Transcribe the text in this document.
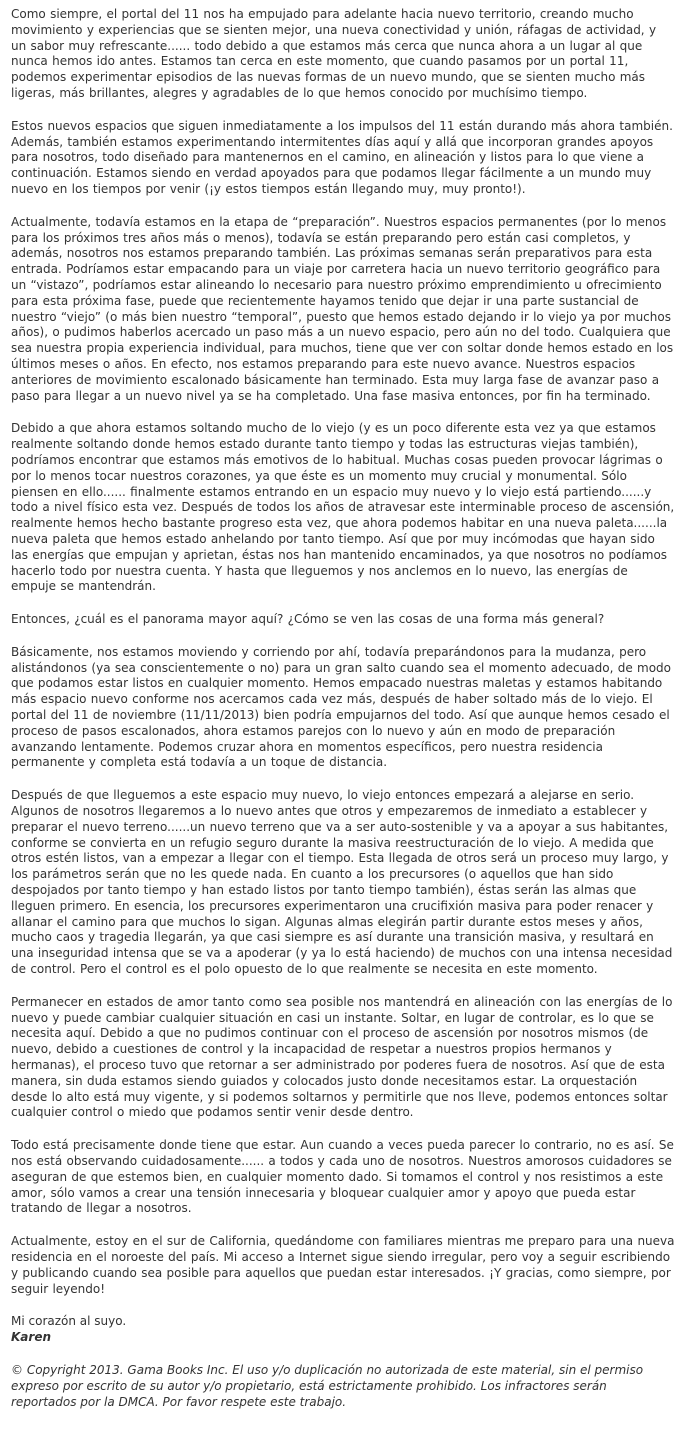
Como siempre, el portal del 11 nos ha empujado para adelante hacia nuevo territorio, creando mucho movimiento y experiencias que se sienten mejor, una nueva conectividad y unión, ráfagas de actividad, y un sabor muy refrescante...... todo debido a que estamos más cerca que nunca ahora a un lugar al que nunca hemos ido antes. Estamos tan cerca en este momento, que cuando pasamos por un portal 11, podemos experimentar episodios de las nuevas formas de un nuevo mundo, que se sienten mucho más ligeras, más brillantes, alegres y agradables de lo que hemos conocido por muchísimo tiempo.

Estos nuevos espacios que siguen inmediatamente a los impulsos del 11 están durando más ahora también. Además, también estamos experimentando intermitentes días aquí y allá que incorporan grandes apoyos para nosotros, todo diseñado para mantenernos en el camino, en alineación y listos para lo que viene a continuación. Estamos siendo en verdad apoyados para que podamos llegar fácilmente a un mundo muy nuevo en los tiempos por venir (¡y estos tiempos están llegando muy, muy pronto!).

Actualmente, todavía estamos en la etapa de “preparación”. Nuestros espacios permanentes (por lo menos para los próximos tres años más o menos), todavía se están preparando pero están casi completos, y además, nosotros nos estamos preparando también. Las próximas semanas serán preparativos para esta entrada. Podríamos estar empacando para un viaje por carretera hacia un nuevo territorio geográfico para un “vistazo”, podríamos estar alineando lo necesario para nuestro próximo emprendimiento u ofrecimiento para esta próxima fase, puede que recientemente hayamos tenido que dejar ir una parte sustancial de nuestro “viejo” (o más bien nuestro “temporal”, puesto que hemos estado dejando ir lo viejo ya por muchos años), o pudimos haberlos acercado un paso más a un nuevo espacio, pero aún no del todo. Cualquiera que sea nuestra propia experiencia individual, para muchos, tiene que ver con soltar donde hemos estado en los últimos meses o años. En efecto, nos estamos preparando para este nuevo avance. Nuestros espacios anteriores de movimiento escalonado básicamente han terminado. Esta muy larga fase de avanzar paso a paso para llegar a un nuevo nivel ya se ha completado. Una fase masiva entonces, por fin ha terminado.

Debido a que ahora estamos soltando mucho de lo viejo (y es un poco diferente esta vez ya que estamos realmente soltando donde hemos estado durante tanto tiempo y todas las estructuras viejas también), podríamos encontrar que estamos más emotivos de lo habitual. Muchas cosas pueden provocar lágrimas o por lo menos tocar nuestros corazones, ya que éste es un momento muy crucial y monumental. Sólo piensen en ello...... finalmente estamos entrando en un espacio muy nuevo y lo viejo está partiendo......y todo a nivel físico esta vez. Después de todos los años de atravesar este interminable proceso de ascensión, realmente hemos hecho bastante progreso esta vez, que ahora podemos habitar en una nueva paleta......la nueva paleta que hemos estado anhelando por tanto tiempo. Así que por muy incómodas que hayan sido las energías que empujan y aprietan, éstas nos han mantenido encaminados, ya que nosotros no podíamos hacerlo todo por nuestra cuenta. Y hasta que lleguemos y nos anclemos en lo nuevo, las energías de empuje se mantendrán.

Entonces, ¿cuál es el panorama mayor aquí? ¿Cómo se ven las cosas de una forma más general?

Básicamente, nos estamos moviendo y corriendo por ahí, todavía preparándonos para la mudanza, pero alistándonos (ya sea conscientemente o no) para un gran salto cuando sea el momento adecuado, de modo que podamos estar listos en cualquier momento. Hemos empacado nuestras maletas y estamos habitando más espacio nuevo conforme nos acercamos cada vez más, después de haber soltado más de lo viejo. El portal del 11 de noviembre (11/11/2013) bien podría empujarnos del todo. Así que aunque hemos cesado el proceso de pasos escalonados, ahora estamos parejos con lo nuevo y aún en modo de preparación avanzando lentamente. Podemos cruzar ahora en momentos específicos, pero nuestra residencia permanente y completa está todavía a un toque de distancia.

Después de que lleguemos a este espacio muy nuevo, lo viejo entonces empezará a alejarse en serio. Algunos de nosotros llegaremos a lo nuevo antes que otros y empezaremos de inmediato a establecer y preparar el nuevo terreno......un nuevo terreno que va a ser auto-sostenible y va a apoyar a sus habitantes, conforme se convierta en un refugio seguro durante la masiva reestructuración de lo viejo. A medida que otros estén listos, van a empezar a llegar con el tiempo. Esta llegada de otros será un proceso muy largo, y los parámetros serán que no les quede nada. En cuanto a los precursores (o aquellos que han sido despojados por tanto tiempo y han estado listos por tanto tiempo también), éstas serán las almas que lleguen primero. En esencia, los precursores experimentaron una crucifixión masiva para poder renacer y allanar el camino para que muchos lo sigan. Algunas almas elegirán partir durante estos meses y años, mucho caos y tragedia llegarán, ya que casi siempre es así durante una transición masiva, y resultará en una inseguridad intensa que se va a apoderar (y ya lo está haciendo) de muchos con una intensa necesidad de control. Pero el control es el polo opuesto de lo que realmente se necesita en este momento.

Permanecer en estados de amor tanto como sea posible nos mantendrá en alineación con las energías de lo nuevo y puede cambiar cualquier situación en casi un instante. Soltar, en lugar de controlar, es lo que se necesita aquí. Debido a que no pudimos continuar con el proceso de ascensión por nosotros mismos (de nuevo, debido a cuestiones de control y la incapacidad de respetar a nuestros propios hermanos y hermanas), el proceso tuvo que retornar a ser administrado por poderes fuera de nosotros. Así que de esta manera, sin duda estamos siendo guiados y colocados justo donde necesitamos estar. La orquestación desde lo alto está muy vigente, y si podemos soltarnos y permitirle que nos lleve, podemos entonces soltar cualquier control o miedo que podamos sentir venir desde dentro.

Todo está precisamente donde tiene que estar. Aun cuando a veces pueda parecer lo contrario, no es así. Se nos está observando cuidadosamente...... a todos y cada uno de nosotros. Nuestros amorosos cuidadores se aseguran de que estemos bien, en cualquier momento dado. Si tomamos el control y nos resistimos a este amor, sólo vamos a crear una tensión innecesaria y bloquear cualquier amor y apoyo que pueda estar tratando de llegar a nosotros.

Actualmente, estoy en el sur de California, quedándome con familiares mientras me preparo para una nueva residencia en el noroeste del país. Mi acceso a Internet sigue siendo irregular, pero voy a seguir escribiendo y publicando cuando sea posible para aquellos que puedan estar interesados. ¡Y gracias, como siempre, por seguir leyendo!

Mi corazón al suyo.

Karen

© Copyright 2013. Gama Books Inc. El uso y/o duplicación no autorizada de este material, sin el permiso expreso por escrito de su autor y/o propietario, está estrictamente prohibido. Los infractores serán reportados por la DMCA. Por favor respete este trabajo.
